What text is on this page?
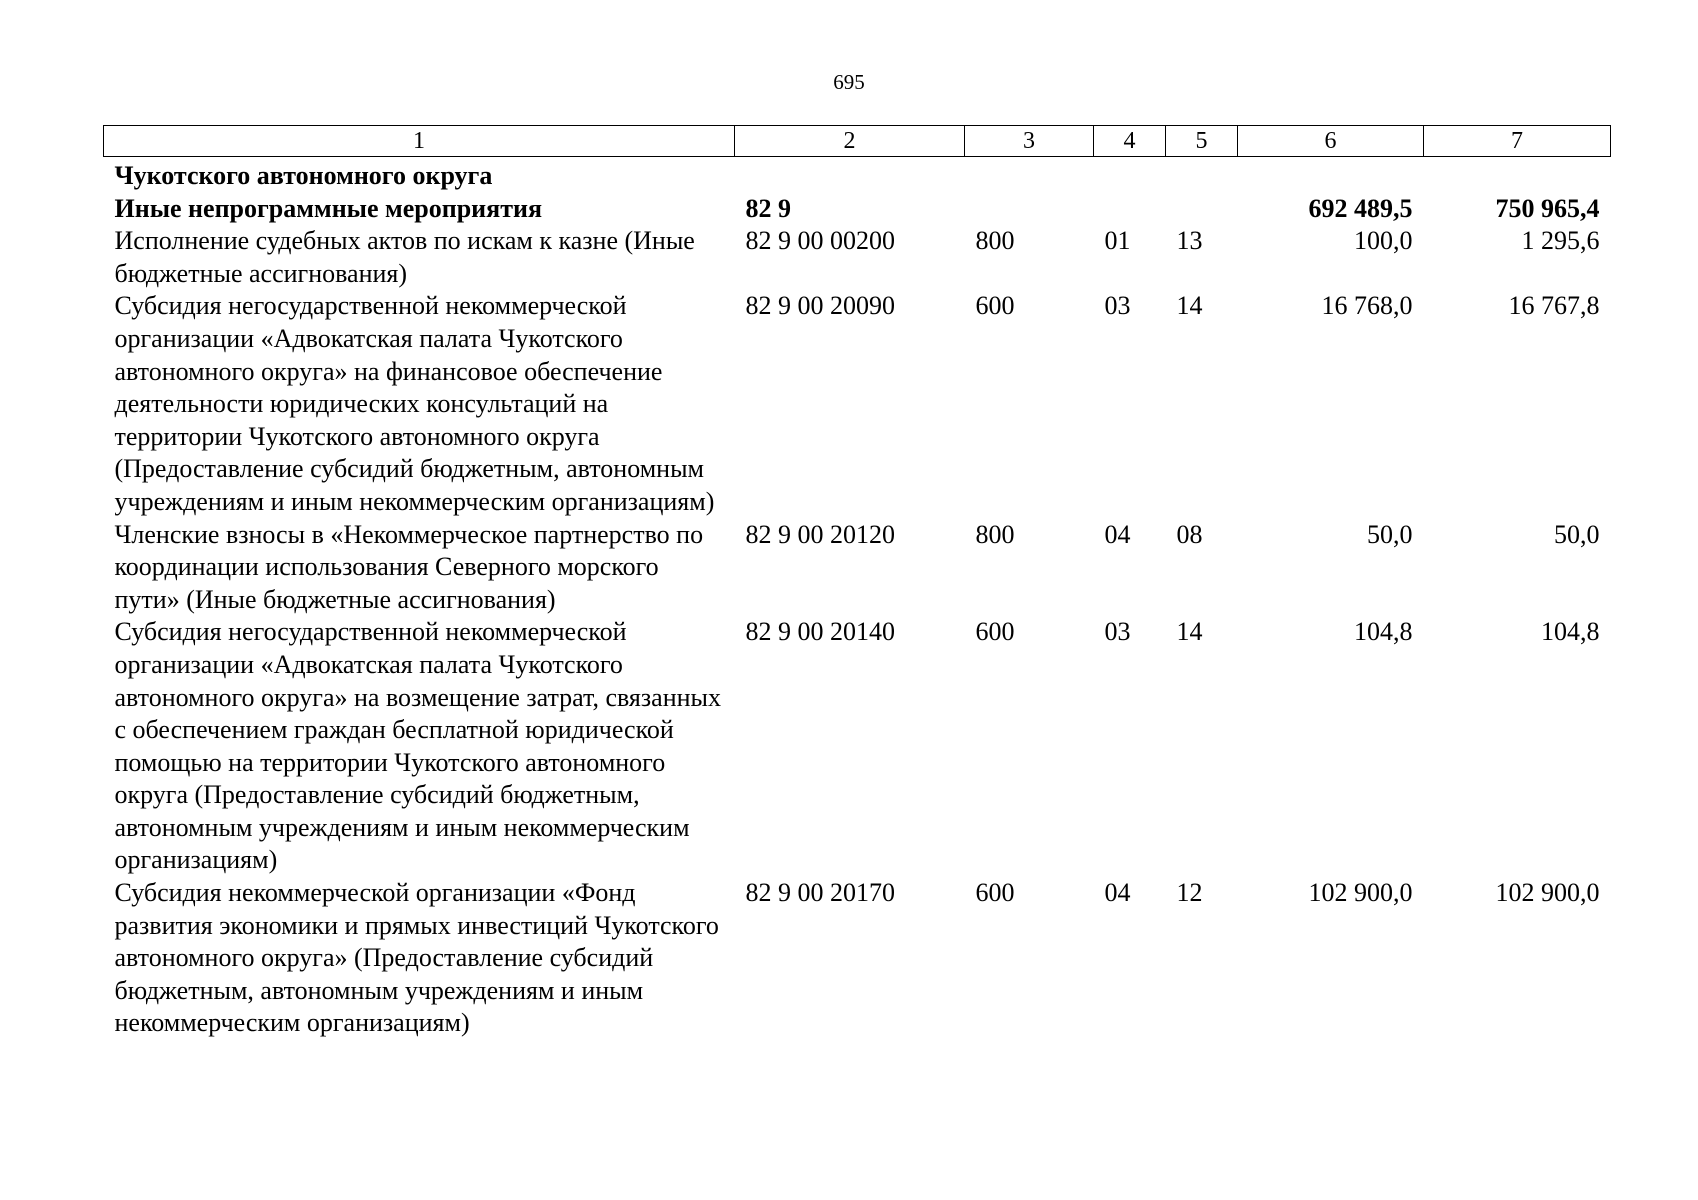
695
1	2	3	4	5	6	7
Чукотского автономного округа						
Иные непрограммные мероприятия	82 9				692 489,5	750 965,4
Исполнение судебных актов по искам к казне (Иные бюджетные ассигнования)	82 9 00 00200	800	01	13	100,0	1 295,6
Субсидия негосударственной некоммерческой организации «Адвокатская палата Чукотского автономного округа» на финансовое обеспечение деятельности юридических консультаций на территории Чукотского автономного округа (Предоставление субсидий бюджетным, автономным учреждениям и иным некоммерческим организациям)	82 9 00 20090	600	03	14	16 768,0	16 767,8
Членские взносы в «Некоммерческое партнерство по координации использования Северного морского пути» (Иные бюджетные ассигнования)	82 9 00 20120	800	04	08	50,0	50,0
Субсидия негосударственной некоммерческой организации «Адвокатская палата Чукотского автономного округа» на возмещение затрат, связанных с обеспечением граждан бесплатной юридической помощью на территории Чукотского автономного округа (Предоставление субсидий бюджетным, автономным учреждениям и иным некоммерческим организациям)	82 9 00 20140	600	03	14	104,8	104,8
Субсидия некоммерческой организации «Фонд развития экономики и прямых инвестиций Чукотского автономного округа» (Предоставление субсидий бюджетным, автономным учреждениям и иным некоммерческим организациям)	82 9 00 20170	600	04	12	102 900,0	102 900,0
